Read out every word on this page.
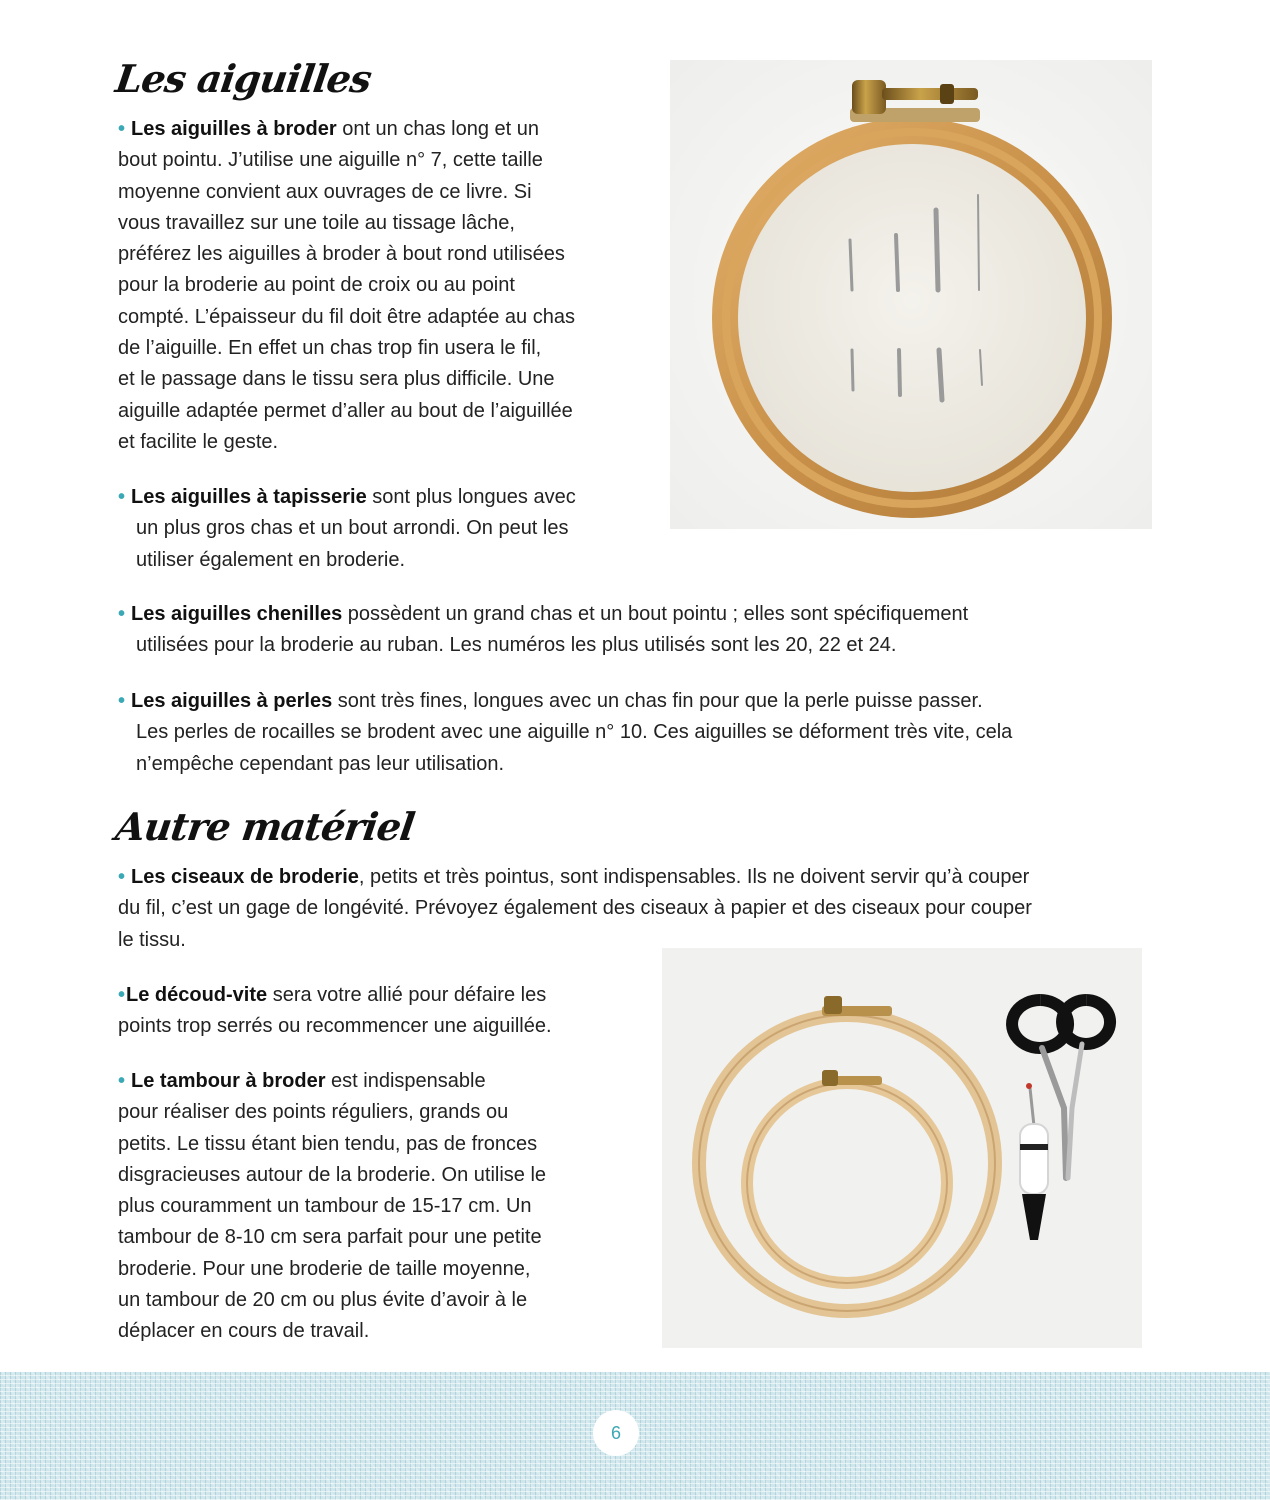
Les aiguilles
• Les aiguilles à broder ont un chas long et un
bout pointu. J’utilise une aiguille n° 7, cette taille
moyenne convient aux ouvrages de ce livre. Si
vous travaillez sur une toile au tissage lâche,
préférez les aiguilles à broder à bout rond utilisées
pour la broderie au point de croix ou au point
compté. L’épaisseur du fil doit être adaptée au chas
de l’aiguille. En effet un chas trop fin usera le fil,
et le passage dans le tissu sera plus difficile. Une
aiguille adaptée permet d’aller au bout de l’aiguillée
et facilite le geste.
• Les aiguilles à tapisserie sont plus longues avec
un plus gros chas et un bout arrondi. On peut les
utiliser également en broderie.
• Les aiguilles chenilles possèdent un grand chas et un bout pointu ; elles sont spécifiquement
utilisées pour la broderie au ruban. Les numéros les plus utilisés sont les 20, 22 et 24.
• Les aiguilles à perles sont très fines, longues avec un chas fin pour que la perle puisse passer.
Les perles de rocailles se brodent avec une aiguille n° 10. Ces aiguilles se déforment très vite, cela
n’empêche cependant pas leur utilisation.
Autre matériel
• Les ciseaux de broderie, petits et très pointus, sont indispensables. Ils ne doivent servir qu’à couper
du fil, c’est un gage de longévité. Prévoyez également des ciseaux à papier et des ciseaux pour couper
le tissu.
•Le découd-vite sera votre allié pour défaire les
points trop serrés ou recommencer une aiguillée.
• Le tambour à broder est indispensable
pour réaliser des points réguliers, grands ou
petits. Le tissu étant bien tendu, pas de fronces
disgracieuses autour de la broderie. On utilise le
plus couramment un tambour de 15-17 cm. Un
tambour de 8-10 cm sera parfait pour une petite
broderie. Pour une broderie de taille moyenne,
un tambour de 20 cm ou plus évite d’avoir à le
déplacer en cours de travail.
6
